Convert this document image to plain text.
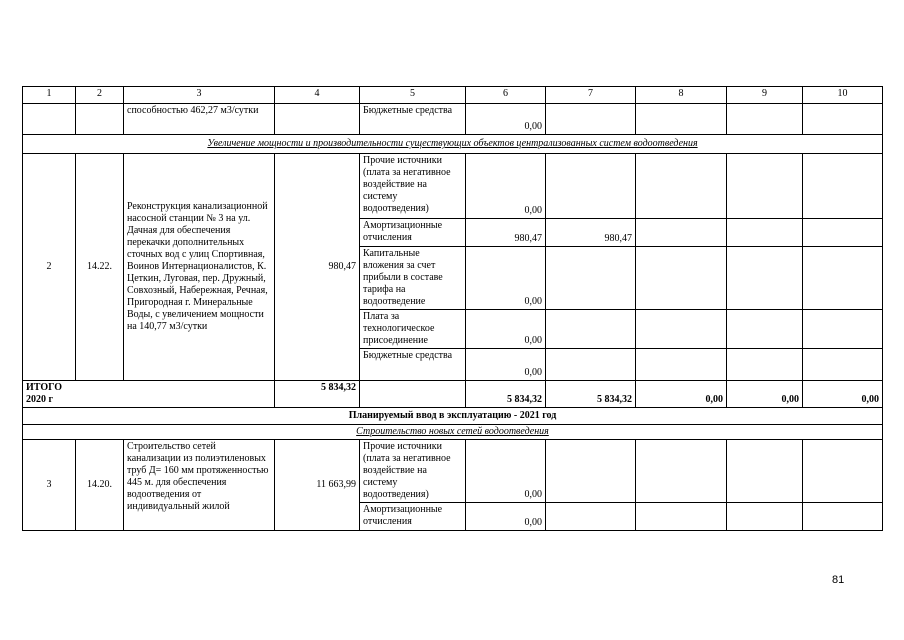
1	2	3	4	5	6	7	8	9	10
		способностью 462,27 м3/сутки		Бюджетные средства	0,00				
Увеличение мощности и производительности существующих объектов централизованных систем водоотведения									
2	14.22.	Реконструкция канализационной насосной станции № 3 на ул. Дачная для обеспечения перекачки дополнительных сточных вод с улиц Спортивная, Воинов Интернационалистов, К. Цеткин, Луговая, пер. Дружный, Совхозный, Набережная, Речная, Пригородная г. Минеральные Воды, с увеличением мощности на 140,77 м3/сутки	980,47	Прочие источники (плата за негативное воздействие на систему водоотведения)	0,00				
				Амортизационные отчисления	980,47	980,47			
				Капитальные вложения за счет прибыли в составе тарифа на водоотведение	0,00				
				Плата за технологическое присоединение	0,00				
				Бюджетные средства	0,00				
ИТОГО
2020 г			5 834,32		5 834,32	5 834,32	0,00	0,00	0,00
Планируемый ввод в эксплуатацию - 2021 год									
Строительство новых сетей водоотведения									
3	14.20.	Строительство сетей канализации из полиэтиленовых труб Д= 160 мм протяженностью 445 м. для обеспечения водоотведения от индивидуальный жилой	11 663,99	Прочие источники (плата за негативное воздействие на систему водоотведения)	0,00				
				Амортизационные отчисления	0,00				
81
